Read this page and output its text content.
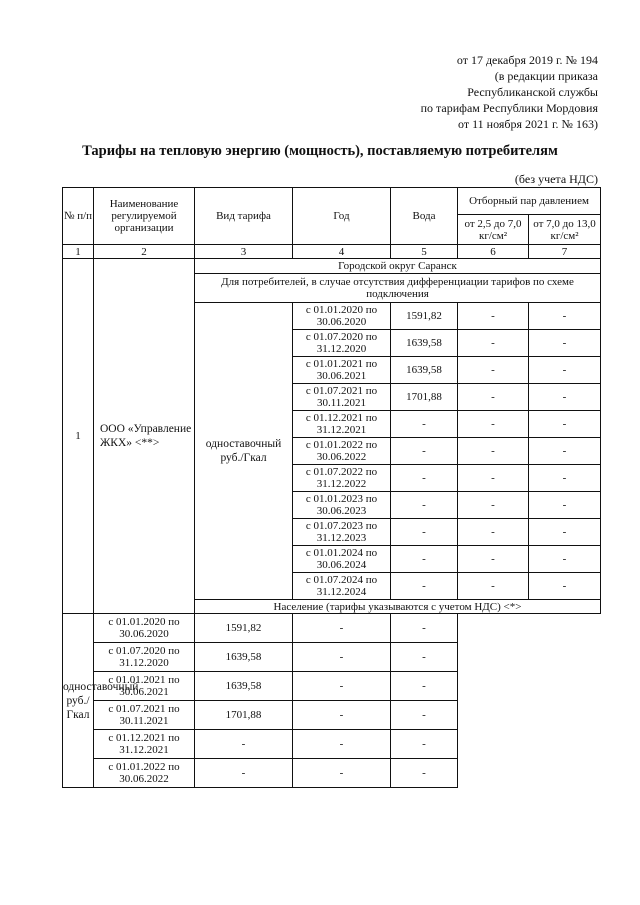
от 17 декабря 2019 г. № 194
(в редакции приказа
Республиканской службы
по тарифам Республики Мордовия
от 11 ноября 2021 г. № 163)
Тарифы на тепловую энергию (мощность), поставляемую потребителям
(без учета НДС)
№ п/п	Наименование регулируемой организации	Вид тарифа	Год	Вода	Отборный пар давлением	
					от 2,5 до 7,0 кг/см²	от 7,0 до 13,0 кг/см²
1	2	3	4	5	6	7
1	ООО «Управление ЖКХ» <**>	Городской округ Саранск				
		Для потребителей, в случае отсутствия дифференциации тарифов по схеме подключения				
		одноставочный руб./Гкал	с 01.01.2020 по 30.06.2020	1591,82	-	-
			с 01.07.2020 по 31.12.2020	1639,58	-	-
			с 01.01.2021 по 30.06.2021	1639,58	-	-
			с 01.07.2021 по 30.11.2021	1701,88	-	-
			с 01.12.2021 по 31.12.2021	-	-	-
			с 01.01.2022 по 30.06.2022	-	-	-
			с 01.07.2022 по 31.12.2022	-	-	-
			с 01.01.2023 по 30.06.2023	-	-	-
			с 01.07.2023 по 31.12.2023	-	-	-
			с 01.01.2024 по 30.06.2024	-	-	-
			с 01.07.2024 по 31.12.2024	-	-	-
		Население (тарифы указываются с учетом НДС) <*>				
одноставочный руб./Гкал	с 01.01.2020 по 30.06.2020	1591,82	-	-		
	с 01.07.2020 по 31.12.2020	1639,58	-	-		
	с 01.01.2021 по 30.06.2021	1639,58	-	-		
	с 01.07.2021 по 30.11.2021	1701,88	-	-		
	с 01.12.2021 по 31.12.2021	-	-	-		
	с 01.01.2022 по 30.06.2022	-	-	-		
